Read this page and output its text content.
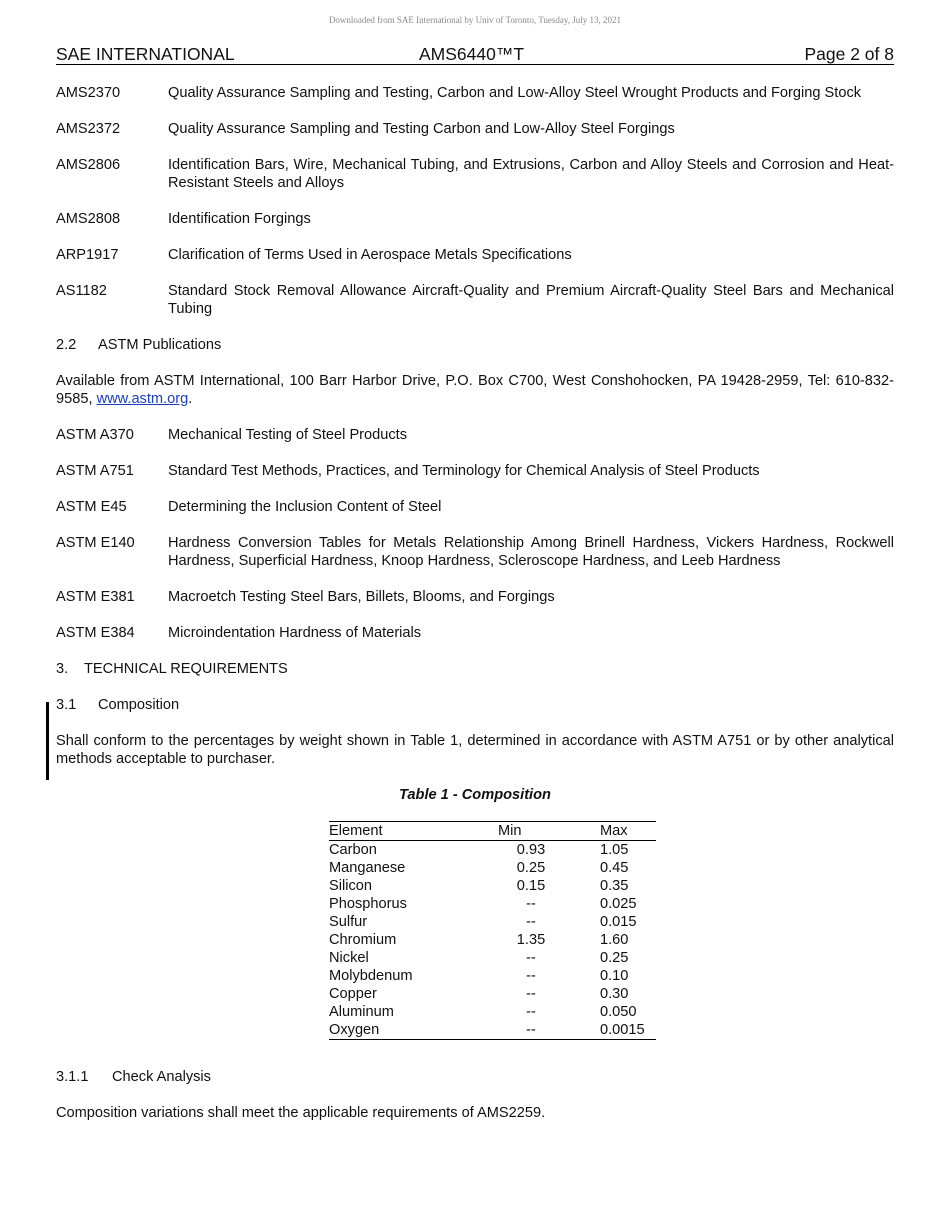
Downloaded from SAE International by Univ of Toronto, Tuesday, July 13, 2021
SAE INTERNATIONAL	AMS6440™T	Page 2 of 8
AMS2370	Quality Assurance Sampling and Testing, Carbon and Low-Alloy Steel Wrought Products and Forging Stock
AMS2372	Quality Assurance Sampling and Testing Carbon and Low-Alloy Steel Forgings
AMS2806	Identification Bars, Wire, Mechanical Tubing, and Extrusions, Carbon and Alloy Steels and Corrosion and Heat-Resistant Steels and Alloys
AMS2808	Identification Forgings
ARP1917	Clarification of Terms Used in Aerospace Metals Specifications
AS1182	Standard Stock Removal Allowance Aircraft-Quality and Premium Aircraft-Quality Steel Bars and Mechanical Tubing
2.2 ASTM Publications
Available from ASTM International, 100 Barr Harbor Drive, P.O. Box C700, West Conshohocken, PA 19428-2959, Tel: 610-832-9585, www.astm.org.
ASTM A370	Mechanical Testing of Steel Products
ASTM A751	Standard Test Methods, Practices, and Terminology for Chemical Analysis of Steel Products
ASTM E45	Determining the Inclusion Content of Steel
ASTM E140	Hardness Conversion Tables for Metals Relationship Among Brinell Hardness, Vickers Hardness, Rockwell Hardness, Superficial Hardness, Knoop Hardness, Scleroscope Hardness, and Leeb Hardness
ASTM E381	Macroetch Testing Steel Bars, Billets, Blooms, and Forgings
ASTM E384	Microindentation Hardness of Materials
3. TECHNICAL REQUIREMENTS
3.1 Composition
Shall conform to the percentages by weight shown in Table 1, determined in accordance with ASTM A751 or by other analytical methods acceptable to purchaser.
Table 1 - Composition
Element	Min	Max
Carbon	0.93	1.05
Manganese	0.25	0.45
Silicon	0.15	0.35
Phosphorus	--	0.025
Sulfur	--	0.015
Chromium	1.35	1.60
Nickel	--	0.25
Molybdenum	--	0.10
Copper	--	0.30
Aluminum	--	0.050
Oxygen	--	0.0015
3.1.1 Check Analysis
Composition variations shall meet the applicable requirements of AMS2259.
